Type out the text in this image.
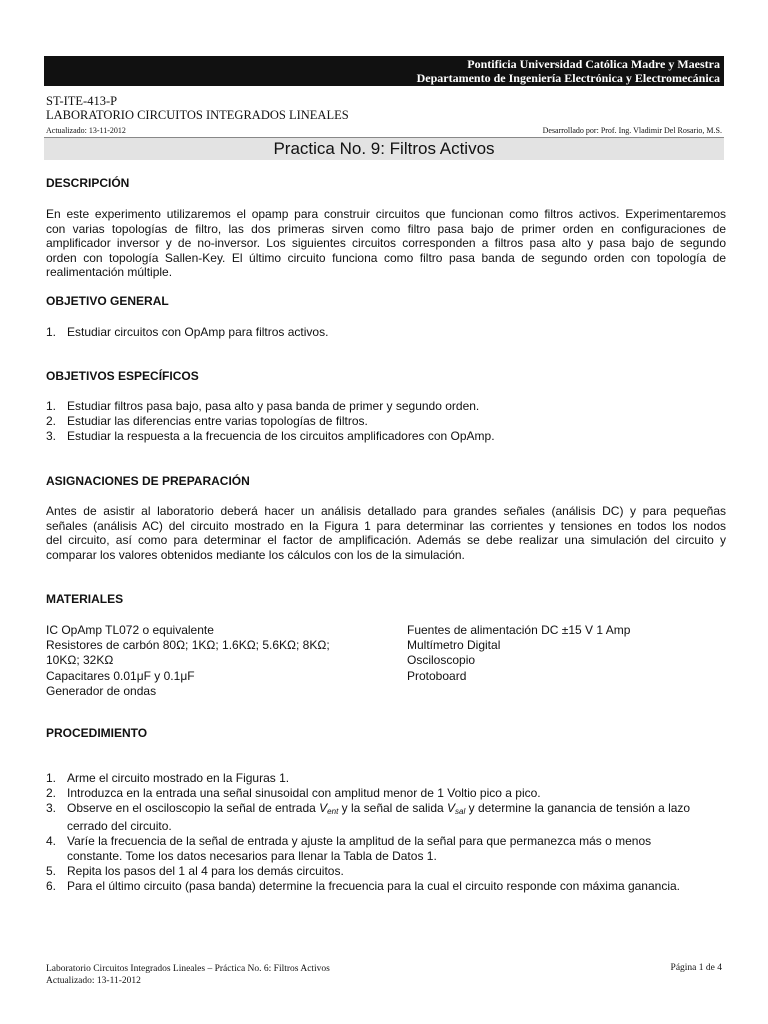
Pontificia Universidad Católica Madre y Maestra
Departamento de Ingeniería Electrónica y Electromecánica
ST-ITE-413-P
LABORATORIO CIRCUITOS INTEGRADOS LINEALES
Actualizado: 13-11-2012	Desarrollado por: Prof. Ing. Vladimir Del Rosario, M.S.
Practica No. 9: Filtros Activos
DESCRIPCIÓN
En este experimento utilizaremos el opamp para construir circuitos que funcionan como filtros activos. Experimentaremos
con varias topologías de filtro, las dos primeras sirven como filtro pasa bajo de primer orden en configuraciones de
amplificador inversor y de no-inversor. Los siguientes circuitos corresponden a filtros pasa alto y pasa bajo de segundo
orden con topología Sallen-Key. El último circuito funciona como filtro pasa banda de segundo orden con topología de
realimentación múltiple.
OBJETIVO GENERAL
1. Estudiar circuitos con OpAmp para filtros activos.
OBJETIVOS ESPECÍFICOS
1. Estudiar filtros pasa bajo, pasa alto y pasa banda de primer y segundo orden.
2. Estudiar las diferencias entre varias topologías de filtros.
3. Estudiar la respuesta a la frecuencia de los circuitos amplificadores con OpAmp.
ASIGNACIONES DE PREPARACIÓN
Antes de asistir al laboratorio deberá hacer un análisis detallado para grandes señales (análisis DC) y para pequeñas
señales (análisis AC) del circuito mostrado en la Figura 1 para determinar las corrientes y tensiones en todos los nodos
del circuito, así como para determinar el factor de amplificación. Además se debe realizar una simulación del circuito y
comparar los valores obtenidos mediante los cálculos con los de la simulación.
MATERIALES
IC OpAmp TL072 o equivalente
Resistores de carbón 80Ω; 1KΩ; 1.6KΩ; 5.6KΩ; 8KΩ;
10KΩ; 32KΩ
Capacitares 0.01μF y 0.1μF
Generador de ondas
Fuentes de alimentación DC ±15 V 1 Amp
Multímetro Digital
Osciloscopio
Protoboard
PROCEDIMIENTO
1. Arme el circuito mostrado en la Figuras 1.
2. Introduzca en la entrada una señal sinusoidal con amplitud menor de 1 Voltio pico a pico.
3. Observe en el osciloscopio la señal de entrada $V_{ent}$ y la señal de salida $V_{sal}$ y determine la ganancia de tensión a lazo
cerrado del circuito.
4. Varíe la frecuencia de la señal de entrada y ajuste la amplitud de la señal para que permanezca más o menos
constante. Tome los datos necesarios para llenar la Tabla de Datos 1.
5. Repita los pasos del 1 al 4 para los demás circuitos.
6. Para el último circuito (pasa banda) determine la frecuencia para la cual el circuito responde con máxima ganancia.
Laboratorio Circuitos Integrados Lineales – Práctica No. 6: Filtros Activos
Actualizado: 13-11-2012
Página 1 de 4
